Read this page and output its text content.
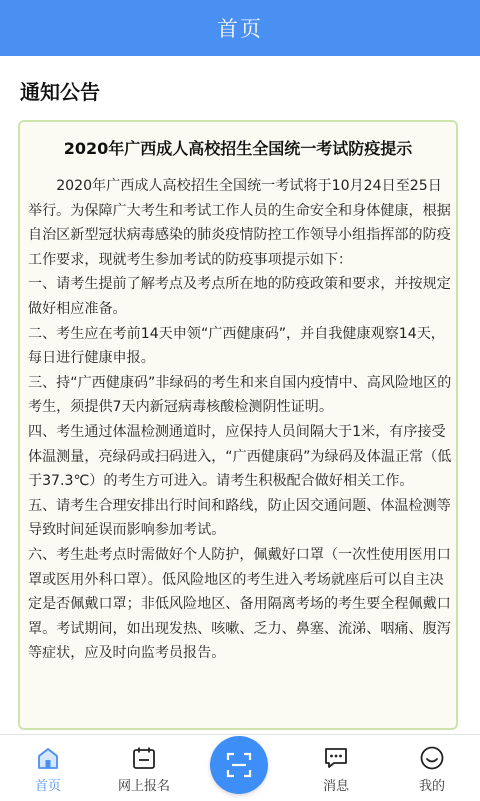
首页
通知公告
2020年广西成人高校招生全国统一考试防疫提示

2020年广西成人高校招生全国统一考试将于10月24日至25日举行。为保障广大考生和考试工作人员的生命安全和身体健康，根据自治区新型冠状病毒感染的肺炎疫情防控工作领导小组指挥部的防疫工作要求，现就考生参加考试的防疫事项提示如下：

一、请考生提前了解考点及考点所在地的防疫政策和要求，并按规定做好相应准备。

二、考生应在考前14天申领“广西健康码”，并自我健康观察14天，每日进行健康申报。

三、持“广西健康码”非绿码的考生和来自国内疫情中、高风险地区的考生，须提供7天内新冠病毒核酸检测阴性证明。

四、考生通过体温检测通道时，应保持人员间隔大于1米，有序接受体温测量，亮绿码或扫码进入，“广西健康码”为绿码及体温正常（低于37.3℃）的考生方可进入。请考生积极配合做好相关工作。

五、请考生合理安排出行时间和路线，防止因交通问题、体温检测等导致时间延误而影响参加考试。

六、考生赴考点时需做好个人防护，佩戴好口罩（一次性使用医用口罩或医用外科口罩）。低风险地区的考生进入考场就座后可以自主决定是否佩戴口罩；非低风险地区、备用隔离考场的考生要全程佩戴口罩。考试期间，如出现发热、咳嗽、乏力、鼻塞、流涕、咽痛、腹泻等症状，应及时向监考员报告。

首页	网上报名	消息	我的
